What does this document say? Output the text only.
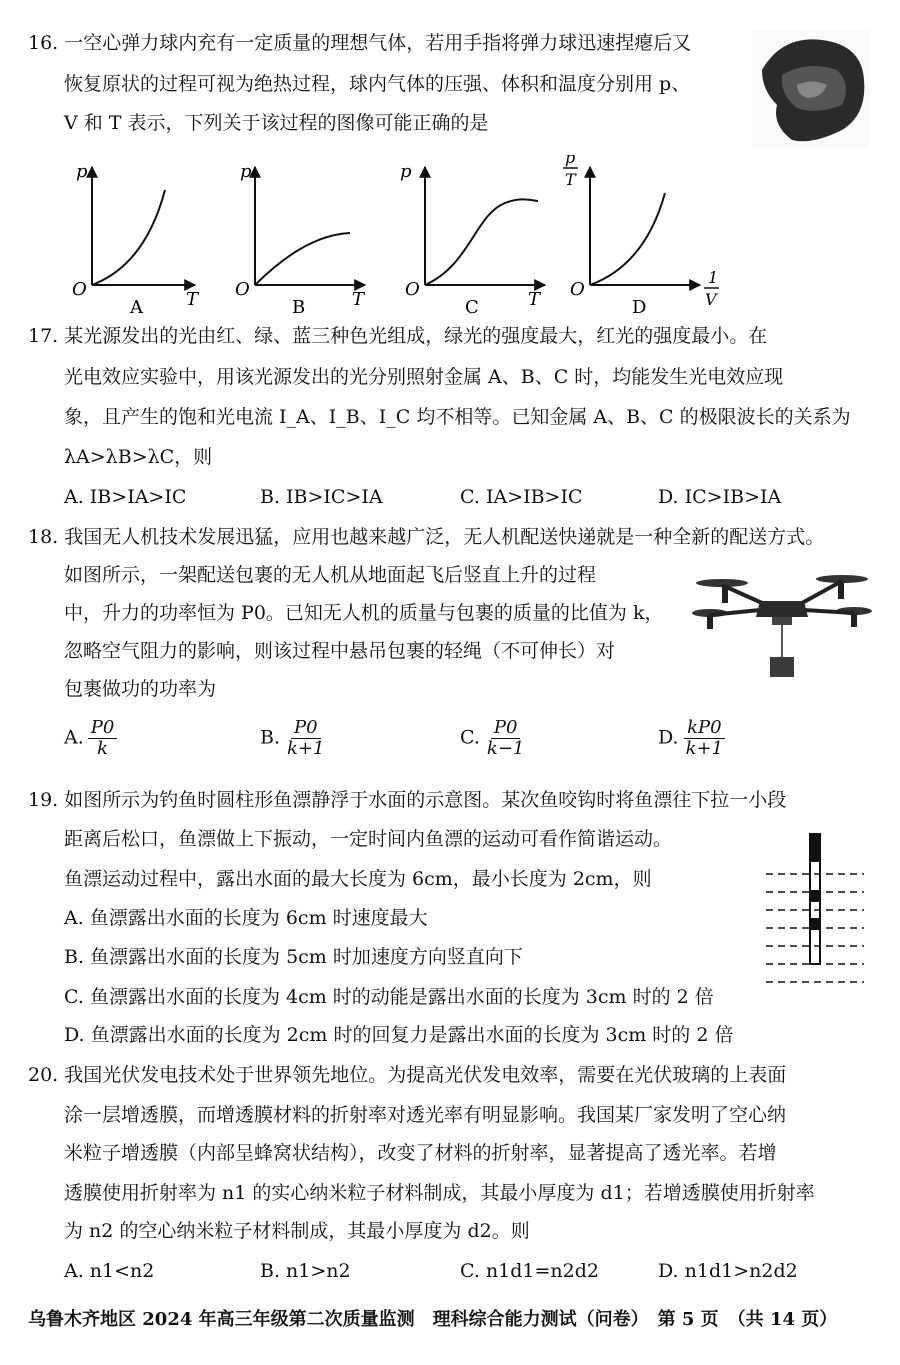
16. 一空心弹力球内充有一定质量的理想气体，若用手指将弹力球迅速捏瘪后又
恢复原状的过程可视为绝热过程，球内气体的压强、体积和温度分别用 p、
V 和 T 表示，下列关于该过程的图像可能正确的是
p
O	T
A
p
O	T
B
p
O	T
C
p
T
O
1
V
D
17. 某光源发出的光由红、绿、蓝三种色光组成，绿光的强度最大，红光的强度最小。在
光电效应实验中，用该光源发出的光分别照射金属 A、B、C 时，均能发生光电效应现
象，且产生的饱和光电流 I_A、I_B、I_C 均不相等。已知金属 A、B、C 的极限波长的关系为
λA>λB>λC，则
A. IB>IA>IC	B. IB>IC>IA	C. IA>IB>IC	D. IC>IB>IA
18. 我国无人机技术发展迅猛，应用也越来越广泛，无人机配送快递就是一种全新的配送方式。
如图所示，一架配送包裹的无人机从地面起飞后竖直上升的过程
中，升力的功率恒为 P0。已知无人机的质量与包裹的质量的比值为 k，
忽略空气阻力的影响，则该过程中悬吊包裹的轻绳（不可伸长）对
包裹做功的功率为
A. $\frac{P0}{k}$	B. $\frac{P0}{k+1}$	C. $\frac{P0}{k-1}$	D. $\frac{kP0}{k+1}$
19. 如图所示为钓鱼时圆柱形鱼漂静浮于水面的示意图。某次鱼咬钩时将鱼漂往下拉一小段
距离后松口，鱼漂做上下振动，一定时间内鱼漂的运动可看作简谐运动。
鱼漂运动过程中，露出水面的最大长度为 6cm，最小长度为 2cm，则
A. 鱼漂露出水面的长度为 6cm 时速度最大
B. 鱼漂露出水面的长度为 5cm 时加速度方向竖直向下
C. 鱼漂露出水面的长度为 4cm 时的动能是露出水面的长度为 3cm 时的 2 倍
D. 鱼漂露出水面的长度为 2cm 时的回复力是露出水面的长度为 3cm 时的 2 倍
20. 我国光伏发电技术处于世界领先地位。为提高光伏发电效率，需要在光伏玻璃的上表面
涂一层增透膜，而增透膜材料的折射率对透光率有明显影响。我国某厂家发明了空心纳
米粒子增透膜（内部呈蜂窝状结构），改变了材料的折射率，显著提高了透光率。若增
透膜使用折射率为 n1 的实心纳米粒子材料制成，其最小厚度为 d1；若增透膜使用折射率
为 n2 的空心纳米粒子材料制成，其最小厚度为 d2。则
A. n1<n2	B. n1>n2	C. n1d1=n2d2	D. n1d1>n2d2
乌鲁木齐地区 2024 年高三年级第二次质量监测　理科综合能力测试（问卷）　第 5 页　（共 14 页）
